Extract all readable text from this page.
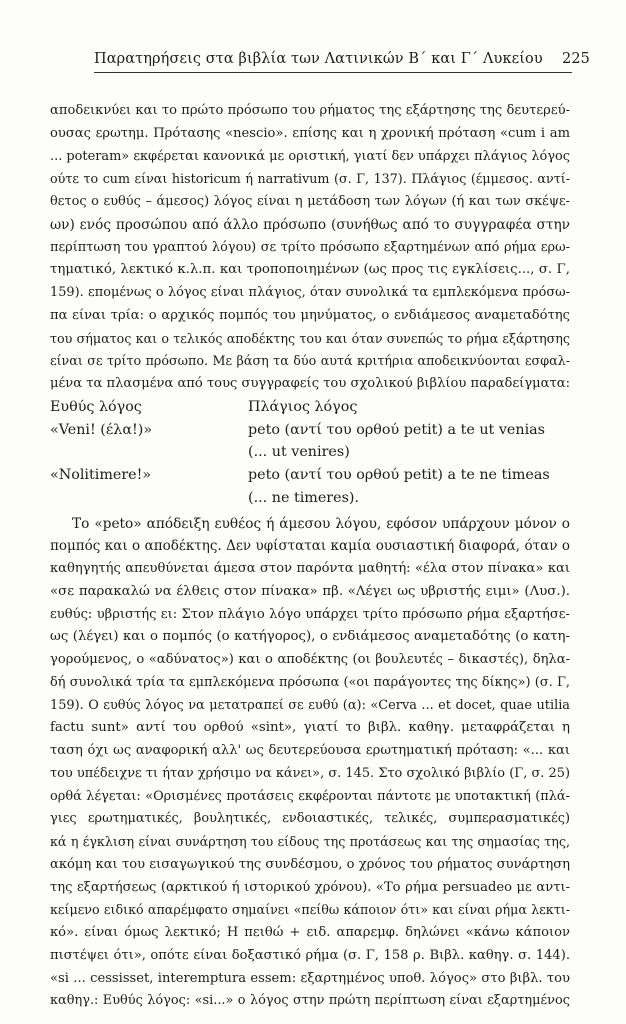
Παρατηρήσεις στα βιβλία των Λατινικών Β΄ και Γ΄ Λυκείου 225
αποδεικνύει και το πρώτο πρόσωπο του ρήματος της εξάρτησης της δευτερεύ-
ουσας ερωτημ. Πρότασης «nescio». επίσης και η χρονική πρόταση «cum i am
... poteram» εκφέρεται κανονικά με οριστική, γιατί δεν υπάρχει πλάγιος λόγος
ούτε το cum είναι historicum ή narrativum (σ. Γ, 137). Πλάγιος (έμμεσος. αντί-
θετος ο ευθύς – άμεσος) λόγος είναι η μετάδοση των λόγων (ή και των σκέψε-
ων) ενός προσώπου από άλλο πρόσωπο (συνήθως από το συγγραφέα στην
περίπτωση του γραπτού λόγου) σε τρίτο πρόσωπο εξαρτημένων από ρήμα ερω-
τηματικό, λεκτικό κ.λ.π. και τροποποιημένων (ως προς τις εγκλίσεις..., σ. Γ,
159). επομένως ο λόγος είναι πλάγιος, όταν συνολικά τα εμπλεκόμενα πρόσω-
πα είναι τρία: ο αρχικός πομπός του μηνύματος, ο ενδιάμεσος αναμεταδότης
του σήματος και ο τελικός αποδέκτης του και όταν συνεπώς το ρήμα εξάρτησης
είναι σε τρίτο πρόσωπο. Με βάση τα δύο αυτά κριτήρια αποδεικνύονται εσφαλ-
μένα τα πλασμένα από τους συγγραφείς του σχολικού βιβλίου παραδείγματα:
Ευθύς λόγος	Πλάγιος λόγος
«Veni! (έλα!)»	peto (αντί του ορθού petit) a te ut venias
(... ut venires)
«Nolitimere!»	peto (αντί του ορθού petit) a te ne timeas
(... ne timeres).
Το «peto» απόδειξη ευθέος ή άμεσου λόγου, εφόσον υπάρχουν μόνον ο
πομπός και ο αποδέκτης. Δεν υφίσταται καμία ουσιαστική διαφορά, όταν ο
καθηγητής απευθύνεται άμεσα στον παρόντα μαθητή: «έλα στον πίνακα» και
«σε παρακαλώ να έλθεις στον πίνακα» πβ. «Λέγει ως υβριστής ειμι» (Λυσ.).
ευθύς: υβριστής ει: Στον πλάγιο λόγο υπάρχει τρίτο πρόσωπο ρήμα εξαρτήσε-
ως (λέγει) και ο πομπός (ο κατήγορος), ο ενδιάμεσος αναμεταδότης (ο κατη-
γορούμενος, ο «αδύνατος») και ο αποδέκτης (οι βουλευτές – δικαστές), δηλα-
δή συνολικά τρία τα εμπλεκόμενα πρόσωπα («οι παράγοντες της δίκης») (σ. Γ,
159). Ο ευθύς λόγος να μετατραπεί σε ευθύ (α): «Cerva ... et docet, quae utilia
factu sunt» αντί του ορθού «sint», γιατί το βιβλ. καθηγ. μεταφράζεται η
ταση όχι ως αναφορική αλλ' ως δευτερεύουσα ερωτηματική πρόταση: «... και
του υπέδειχνε τι ήταν χρήσιμο να κάνει», σ. 145. Στο σχολικό βιβλίο (Γ, σ. 25)
ορθά λέγεται: «Ορισμένες προτάσεις εκφέρονται πάντοτε με υποτακτική (πλά-
γιες ερωτηματικές, βουλητικές, ενδοιαστικές, τελικές, συμπερασματικές)
κά η έγκλιση είναι συνάρτηση του είδους της προτάσεως και της σημασίας της,
ακόμη και του εισαγωγικού της συνδέσμου, ο χρόνος του ρήματος συνάρτηση
της εξαρτήσεως (αρκτικού ή ιστορικού χρόνου). «Το ρήμα persuadeo με αντι-
κείμενο ειδικό απαρέμφατο σημαίνει «πείθω κάποιον ότι» και είναι ρήμα λεκτι-
κό». είναι όμως λεκτικό; Η πειθώ + ειδ. απαρεμφ. δηλώνει «κάνω κάποιον
πιστέψει ότι», οπότε είναι δοξαστικό ρήμα (σ. Γ, 158 ρ. Βιβλ. καθηγ. σ. 144).
«si ... cessisset, interemptura essem: εξαρτημένος υποθ. λόγος» στο βιβλ. του
καθηγ.: Ευθύς λόγος: «si...» ο λόγος στην πρώτη περίπτωση είναι εξαρτημένος
